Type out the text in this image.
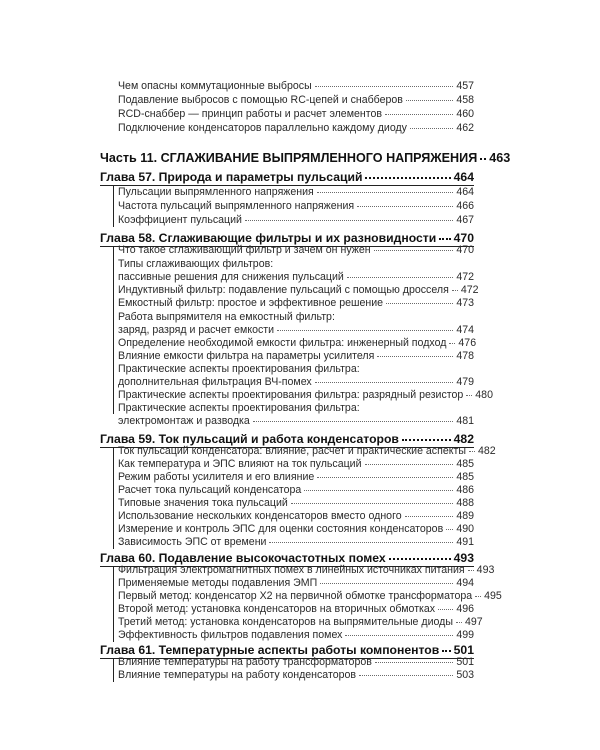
Чем опасны коммутационные выбросы	457
Подавление выбросов с помощью RC-цепей и снабберов	458
RCD-снаббер — принцип работы и расчет элементов	460
Подключение конденсаторов параллельно каждому диоду	462
Часть 11. СГЛАЖИВАНИЕ ВЫПРЯМЛЕННОГО НАПРЯЖЕНИЯ 463
Глава 57. Природа и параметры пульсаций	464
Пульсации выпрямленного напряжения	464
Частота пульсаций выпрямленного напряжения	466
Коэффициент пульсаций	467
Глава 58. Сглаживающие фильтры и их разновидности 470
Что такое сглаживающий фильтр и зачем он нужен	470
Типы сглаживающих фильтров:
пассивные решения для снижения пульсаций	472
Индуктивный фильтр: подавление пульсаций с помощью дросселя 472
Емкостный фильтр: простое и эффективное решение	473
Работа выпрямителя на емкостный фильтр:
заряд, разряд и расчет емкости	474
Определение необходимой емкости фильтра: инженерный подход 476
Влияние емкости фильтра на параметры усилителя	478
Практические аспекты проектирования фильтра:
дополнительная фильтрация ВЧ-помех	479
Практические аспекты проектирования фильтра: разрядный резистор 480
Практические аспекты проектирования фильтра:
электромонтаж и разводка	481
Глава 59. Ток пульсаций и работа конденсаторов	482
Ток пульсаций конденсатора: влияние, расчет и практические аспекты 482
Как температура и ЭПС влияют на ток пульсаций	485
Режим работы усилителя и его влияние	485
Расчет тока пульсаций конденсатора	486
Типовые значения тока пульсаций	488
Использование нескольких конденсаторов вместо одного	489
Измерение и контроль ЭПС для оценки состояния конденсаторов 490
Зависимость ЭПС от времени	491
Глава 60. Подавление высокочастотных помех	493
Фильтрация электромагнитных помех в линейных источниках питания 493
Применяемые методы подавления ЭМП	494
Первый метод: конденсатор X2 на первичной обмотке трансформатора 495
Второй метод: установка конденсаторов на вторичных обмотках 496
Третий метод: установка конденсаторов на выпрямительные диоды 497
Эффективность фильтров подавления помех	499
Глава 61. Температурные аспекты работы компонентов 501
Влияние температуры на работу трансформаторов	501
Влияние температуры на работу конденсаторов	503
